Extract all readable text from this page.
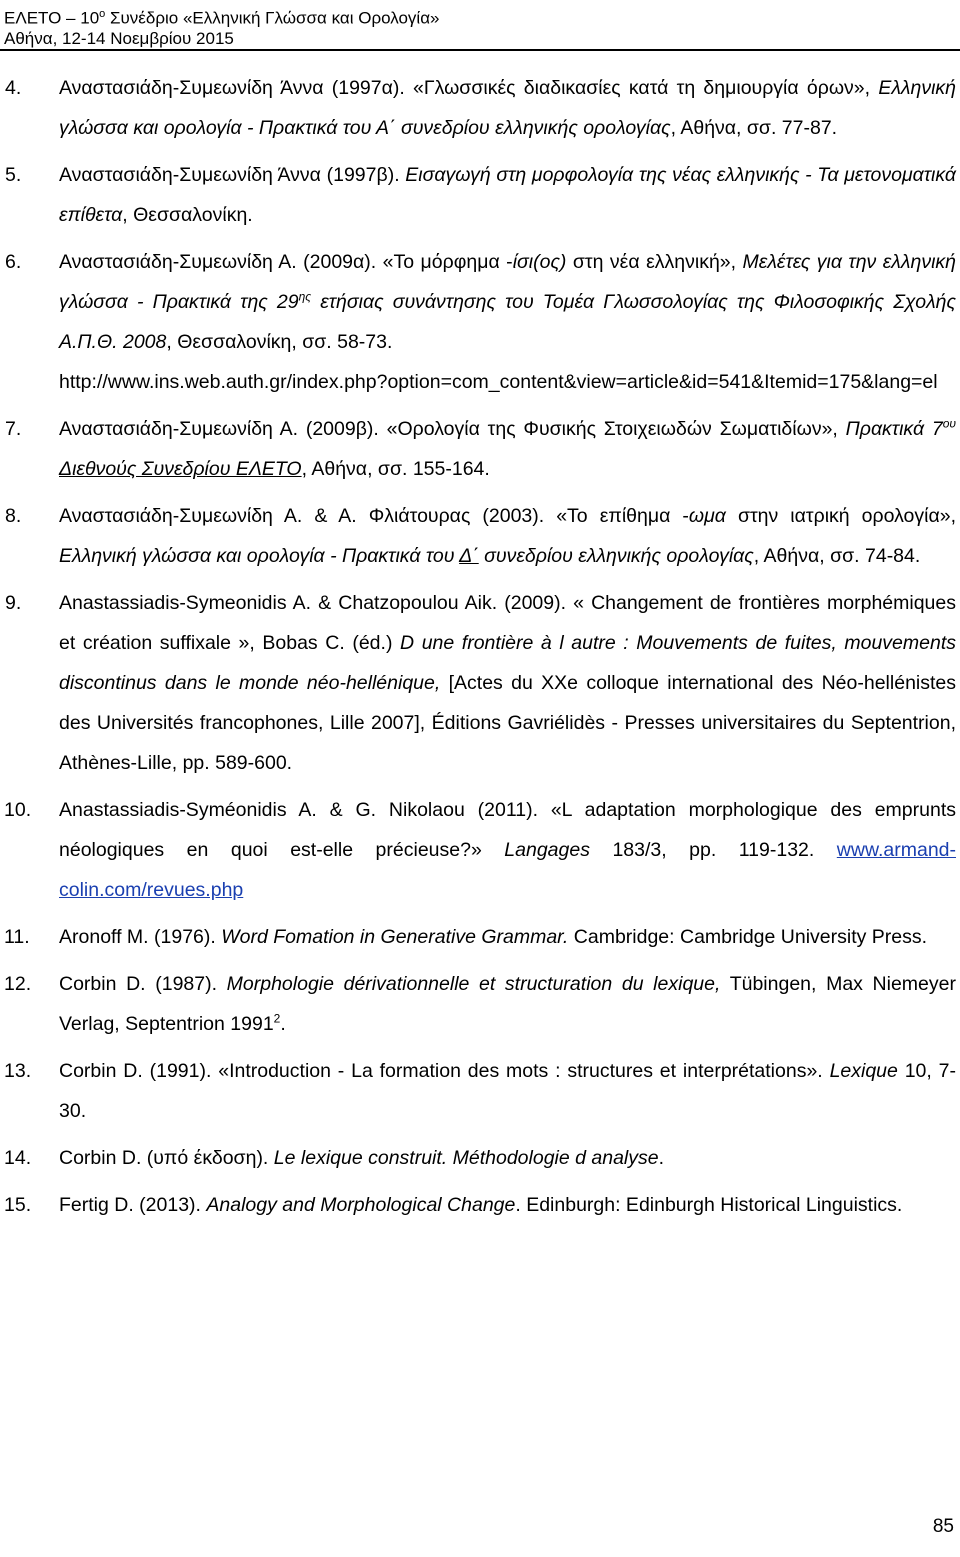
ΕΛΕΤΟ – $10^o$ Συνέδριο «Ελληνική Γλώσσα και Ορολογία»
Αθήνα, 12-14 Νοεμβρίου 2015
4. Αναστασιάδη-Συμεωνίδη Άννα (1997α). «Γλωσσικές διαδικασίες κατά τη δημιουργία όρων», Ελληνική γλώσσα και ορολογία - Πρακτικά του Α΄ συνεδρίου ελληνικής ορολογίας, Αθήνα, σσ. 77-87.
5. Αναστασιάδη-Συμεωνίδη Άννα (1997β). Εισαγωγή στη μορφολογία της νέας ελληνικής - Τα μετονοματικά επίθετα, Θεσσαλονίκη.
6. Αναστασιάδη-Συμεωνίδη Α. (2009α). «Το μόρφημα -ίσι(ος) στη νέα ελληνική», Μελέτες για την ελληνική γλώσσα - Πρακτικά της $29^{\eta\varsigma}$ ετήσιας συνάντησης του Τομέα Γλωσσολογίας της Φιλοσοφικής Σχολής Α.Π.Θ. 2008, Θεσσαλονίκη, σσ. 58-73.
http://www.ins.web.auth.gr/index.php?option=com_content&view=article&id=541&Itemid=175&lang=el
7. Αναστασιάδη-Συμεωνίδη Α. (2009β). «Ορολογία της Φυσικής Στοιχειωδών Σωματιδίων», Πρακτικά $7^{o\upsilon}$ Διεθνούς Συνεδρίου ΕΛΕΤΟ, Αθήνα, σσ. 155-164.
8. Αναστασιάδη-Συμεωνίδη Α. & Α. Φλιάτουρας (2003). «Το επίθημα -ωμα στην ιατρική ορολογία», Ελληνική γλώσσα και ορολογία - Πρακτικά του Δ΄ συνεδρίου ελληνικής ορολογίας, Αθήνα, σσ. 74-84.
9. Anastassiadis-Symeonidis A. & Chatzopoulou Aik. (2009). « Changement de frontières morphémiques et création suffixale », Bobas C. (éd.) D une frontière à l autre : Mouvements de fuites, mouvements discontinus dans le monde néo-hellénique, [Actes du XXe colloque international des Néo-hellénistes des Universités francophones, Lille 2007], Éditions Gavriélidès - Presses universitaires du Septentrion, Athènes-Lille, pp. 589-600.
10. Anastassiadis-Syméonidis A. & G. Nikolaou (2011). «L adaptation morphologique des emprunts néologiques en quoi est-elle précieuse?» Langages 183/3, pp. 119-132. www.armand-colin.com/revues.php
11. Aronoff M. (1976). Word Fomation in Generative Grammar. Cambridge: Cambridge University Press.
12. Corbin D. (1987). Morphologie dérivationnelle et structuration du lexique, Tübingen, Max Niemeyer Verlag, Septentrion 1991$^2$.
13. Corbin D. (1991). «Introduction - La formation des mots : structures et interprétations». Lexique 10, 7-30.
14. Corbin D. (υπό έκδοση). Le lexique construit. Méthodologie d analyse.
15. Fertig D. (2013). Analogy and Morphological Change. Edinburgh: Edinburgh Historical Linguistics.
85
